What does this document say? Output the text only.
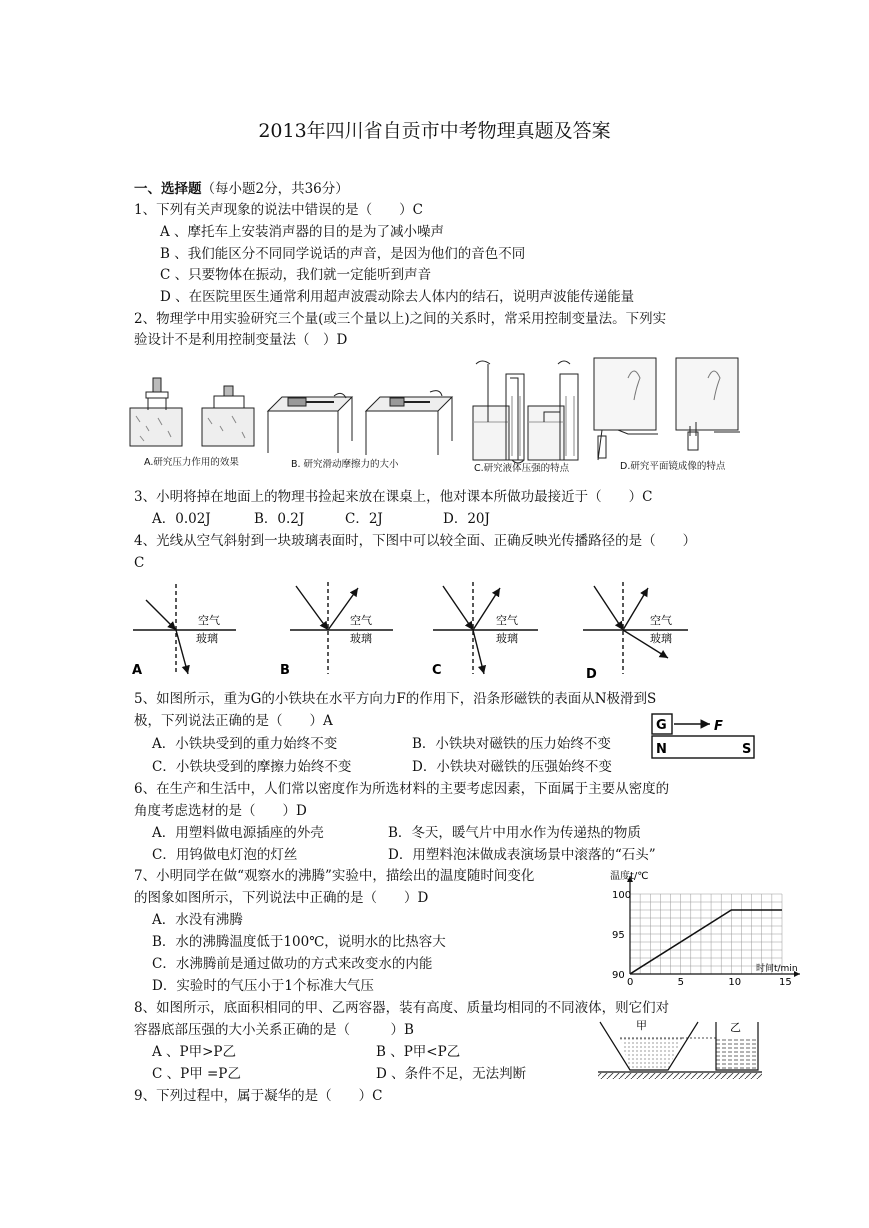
2013年四川省自贡市中考物理真题及答案
一、选择题（每小题2分，共36分）
1、下列有关声现象的说法中错误的是（　　）C
A 、摩托车上安装消声器的目的是为了减小噪声
B 、我们能区分不同同学说话的声音，是因为他们的音色不同
C 、只要物体在振动，我们就一定能听到声音
D 、在医院里医生通常利用超声波震动除去人体内的结石，说明声波能传递能量
2、物理学中用实验研究三个量(或三个量以上)之间的关系时，常采用控制变量法。下列实
验设计不是利用控制变量法（　）D
A.研究压力作用的效果	B. 研究滑动摩擦力的大小	C.研究液体压强的特点	D.研究平面镜成像的特点
3、小明将掉在地面上的物理书捡起来放在课桌上，他对课本所做功最接近于（　　）C
A．0.02J	B．0.2J	C．2J	D．20J
4、光线从空气斜射到一块玻璃表面时，下图中可以较全面、正确反映光传播路径的是（　　）
C
空气
玻璃
A
空气
玻璃
B
空气
玻璃
C
空气
玻璃
D
5、如图所示，重为G的小铁块在水平方向力F的作用下，沿条形磁铁的表面从N极滑到S
极，下列说法正确的是（　　）A
A．小铁块受到的重力始终不变	B．小铁块对磁铁的压力始终不变
C．小铁块受到的摩擦力始终不变	D．小铁块对磁铁的压强始终不变
G	F
N	S
6、在生产和生活中，人们常以密度作为所选材料的主要考虑因素，下面属于主要从密度的
角度考虑选材的是（　　）D
A．用塑料做电源插座的外壳	B．冬天，暖气片中用水作为传递热的物质
C．用钨做电灯泡的灯丝	D．用塑料泡沫做成表演场景中滚落的“石头”
7、小明同学在做“观察水的沸腾”实验中，描绘出的温度随时间变化
的图象如图所示，下列说法中正确的是（　　）D
A．水没有沸腾
B．水的沸腾温度低于100℃，说明水的比热容大
C．水沸腾前是通过做功的方式来改变水的内能
D．实验时的气压小于1个标准大气压	0	5	10	15
90
95
100
温度t/℃
时间t/min
8、如图所示，底面积相同的甲、乙两容器，装有高度、质量均相同的不同液体，则它们对
容器底部压强的大小关系正确的是（　　　）B
A 、P甲>P乙	B 、P甲<P乙
C 、P甲 =P乙	D 、条件不足，无法判断
甲	乙
9、下列过程中，属于凝华的是（　　）C
